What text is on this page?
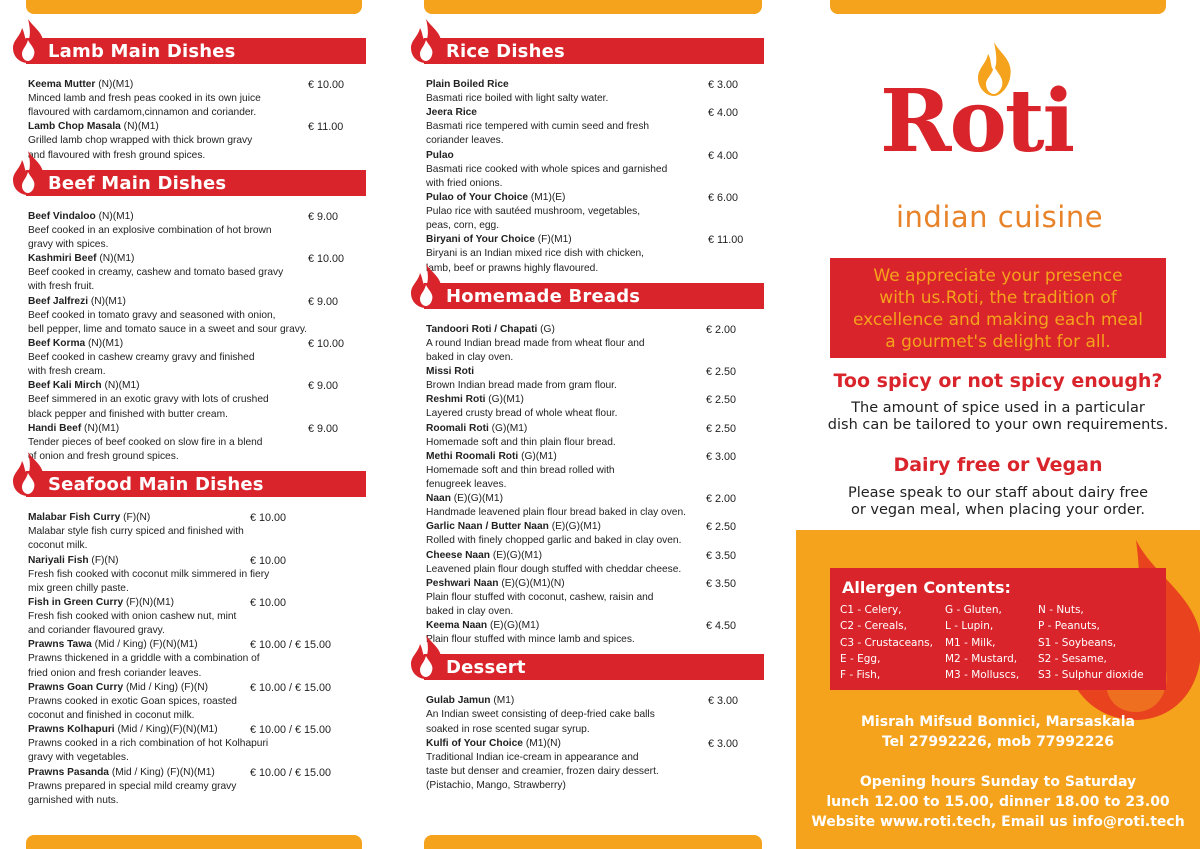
Lamb Main Dishes
Keema Mutter (N)(M1)	€ 10.00
Minced lamb and fresh peas cooked in its own juice
flavoured with cardamom,cinnamon and coriander.
Lamb Chop Masala (N)(M1)	€ 11.00
Grilled lamb chop wrapped with thick brown gravy
and flavoured with fresh ground spices.
Beef Main Dishes
Beef Vindaloo (N)(M1)	€ 9.00
Beef cooked in an explosive combination of hot brown
gravy with spices.
Kashmiri Beef (N)(M1)	€ 10.00
Beef cooked in creamy, cashew and tomato based gravy
with fresh fruit.
Beef Jalfrezi (N)(M1)	€ 9.00
Beef cooked in tomato gravy and seasoned with onion,
bell pepper, lime and tomato sauce in a sweet and sour gravy.
Beef Korma (N)(M1)	€ 10.00
Beef cooked in cashew creamy gravy and finished
with fresh cream.
Beef Kali Mirch (N)(M1)	€ 9.00
Beef simmered in an exotic gravy with lots of crushed
black pepper and finished with butter cream.
Handi Beef (N)(M1)	€ 9.00
Tender pieces of beef cooked on slow fire in a blend
of onion and fresh ground spices.
Seafood Main Dishes
Malabar Fish Curry (F)(N)	€ 10.00
Malabar style fish curry spiced and finished with
coconut milk.
Nariyali Fish (F)(N)	€ 10.00
Fresh fish cooked with coconut milk simmered in fiery
mix green chilly paste.
Fish in Green Curry (F)(N)(M1)	€ 10.00
Fresh fish cooked with onion cashew nut, mint
and coriander flavoured gravy.
Prawns Tawa (Mid / King) (F)(N)(M1)	€ 10.00 / € 15.00
Prawns thickened in a griddle with a combination of
fried onion and fresh coriander leaves.
Prawns Goan Curry (Mid / King) (F)(N)	€ 10.00 / € 15.00
Prawns cooked in exotic Goan spices, roasted
coconut and finished in coconut milk.
Prawns Kolhapuri (Mid / King)(F)(N)(M1)	€ 10.00 / € 15.00
Prawns cooked in a rich combination of hot Kolhapuri
gravy with vegetables.
Prawns Pasanda (Mid / King) (F)(N)(M1)	€ 10.00 / € 15.00
Prawns prepared in special mild creamy gravy
garnished with nuts.
Rice Dishes
Plain Boiled Rice	€ 3.00
Basmati rice boiled with light salty water.
Jeera Rice	€ 4.00
Basmati rice tempered with cumin seed and fresh
coriander leaves.
Pulao	€ 4.00
Basmati rice cooked with whole spices and garnished
with fried onions.
Pulao of Your Choice (M1)(E)	€ 6.00
Pulao rice with sautéed mushroom, vegetables,
peas, corn, egg.
Biryani of Your Choice (F)(M1)	€ 11.00
Biryani is an Indian mixed rice dish with chicken,
lamb, beef or prawns highly flavoured.
Homemade Breads
Tandoori Roti / Chapati (G)	€ 2.00
A round Indian bread made from wheat flour and
baked in clay oven.
Missi Roti	€ 2.50
Brown Indian bread made from gram flour.
Reshmi Roti (G)(M1)	€ 2.50
Layered crusty bread of whole wheat flour.
Roomali Roti (G)(M1)	€ 2.50
Homemade soft and thin plain flour bread.
Methi Roomali Roti (G)(M1)	€ 3.00
Homemade soft and thin bread rolled with
fenugreek leaves.
Naan (E)(G)(M1)	€ 2.00
Handmade leavened plain flour bread baked in clay oven.
Garlic Naan / Butter Naan (E)(G)(M1)	€ 2.50
Rolled with finely chopped garlic and baked in clay oven.
Cheese Naan (E)(G)(M1)	€ 3.50
Leavened plain flour dough stuffed with cheddar cheese.
Peshwari Naan (E)(G)(M1)(N)	€ 3.50
Plain flour stuffed with coconut, cashew, raisin and
baked in clay oven.
Keema Naan (E)(G)(M1)	€ 4.50
Plain flour stuffed with mince lamb and spices.
Dessert
Gulab Jamun (M1)	€ 3.00
An Indian sweet consisting of deep-fried cake balls
soaked in rose scented sugar syrup.
Kulfi of Your Choice (M1)(N)	€ 3.00
Traditional Indian ice-cream in appearance and
taste but denser and creamier, frozen dairy dessert.
(Pistachio, Mango, Strawberry)
Roti
indian cuisine
We appreciate your presence
with us.Roti, the tradition of
excellence and making each meal
a gourmet's delight for all.
Too spicy or not spicy enough?
The amount of spice used in a particular
dish can be tailored to your own requirements.
Dairy free or Vegan
Please speak to our staff about dairy free
or vegan meal, when placing your order.
Allergen Contents:
C1 - Celery,
C2 - Cereals,
C3 - Crustaceans,
E - Egg,
F - Fish,
G - Gluten,
L - Lupin,
M1 - Milk,
M2 - Mustard,
M3 - Molluscs,
N - Nuts,
P - Peanuts,
S1 - Soybeans,
S2 - Sesame,
S3 - Sulphur dioxide
Misrah Mifsud Bonnici, Marsaskala
Tel 27992226, mob 77992226
Opening hours Sunday to Saturday
lunch 12.00 to 15.00, dinner 18.00 to 23.00
Website www.roti.tech, Email us info@roti.tech
